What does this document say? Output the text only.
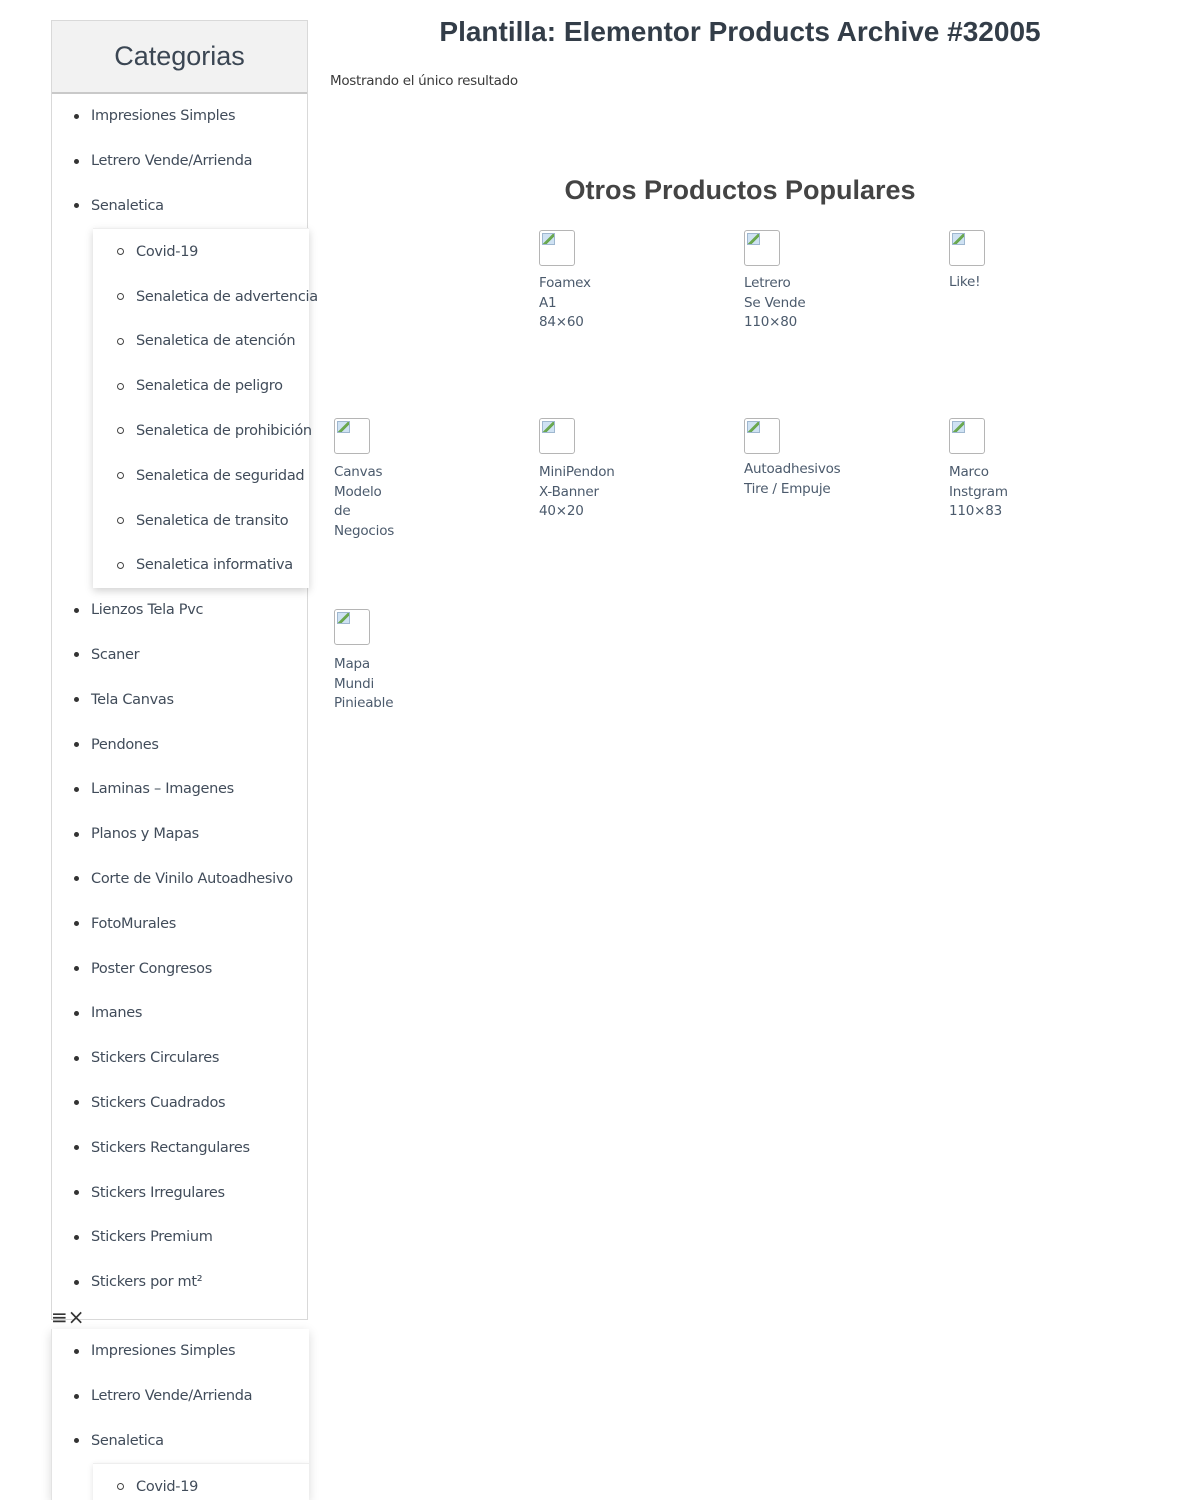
Categorias
Impresiones Simples
Letrero Vende/Arrienda
Senaletica
Covid-19
Senaletica de advertencia
Senaletica de atención
Senaletica de peligro
Senaletica de prohibición
Senaletica de seguridad
Senaletica de transito
Senaletica informativa
Lienzos Tela Pvc
Scaner
Tela Canvas
Pendones
Laminas – Imagenes
Planos y Mapas
Corte de Vinilo Autoadhesivo
FotoMurales
Poster Congresos
Imanes
Stickers Circulares
Stickers Cuadrados
Stickers Rectangulares
Stickers Irregulares
Stickers Premium
Stickers por mt²
≡ ×
Impresiones Simples
Letrero Vende/Arrienda
Senaletica
Covid-19
Plantilla: Elementor Products Archive #32005
Mostrando el único resultado
Otros Productos Populares
Foamex A1 84×60
Letrero Se Vende 110×80
Like!
Canvas Modelo de Negocios
MiniPendon X-Banner 40×20
Autoadhesivos Tire / Empuje
Marco Instgram 110×83
Mapa Mundi Pinieable
